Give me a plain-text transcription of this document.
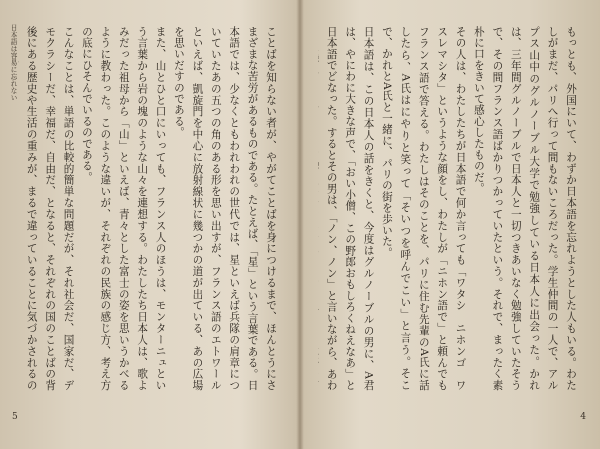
もっとも、外国にいて、わずか日本語を忘れようとした人もいる。わたしがまだ、パリへ行って間もないころだった。学生仲間の一人で、アルプス山中のグルノーブル大学で勉強している日本人に出会った。かれは、三年間グルノーブルで日本人と一切つきあいなく勉強していたそうで、その間フランス語ばかりつかっていたという。それで、まったく素朴に口をきいて感心したものだ。

その人は、わたしたちが日本語で何か言っても「ワタシ　ニホンゴ　ワスレマシタ」というような顔をし、わたしが「ニホン語で」と頼んでもフランス語で答える。わたしはそのことを、パリに住む先輩のA氏に話したら、A氏はにやりと笑って「そいつを呼んでこい」と言う。そこで、かれとA氏と一緒に、パリの街を歩いた。

日本語は、この日本人の話をきくと、今度はグルノーブルの男に、A君は、やにわに大きな声で、「おい小僧、この野郎おもしろくねえなあ」と日本語でどなった。するとその男は、「ノン、ノン」と言いながら、あわ

4
日本語は容易に忘れない	ことばを知らない者が、やがてことばを身につけるまで、ほんとうにさまざまな苦労があるものである。たとえば、「星」という言葉である。日本語では、少なくともわれわれの世代では、星といえば兵隊の肩章についていたあの五つの角のある形を思い出すが、フランス語のエトワールといえば、凱旋門を中心に放射線状に幾つかの道が出ている、あの広場を思いだすのである。

また、山とひと口にいっても、フランス人のほうは、モンターニュという言葉から岩の塊のような山々を連想する。わたしたち日本人は、歌よみだった祖母から「山」といえば、青々とした富士の姿を思いうかべるように教わった。このような違いが、それぞれの民族の感じ方、考え方の底にひそんでいるのである。

こんなことは、単語の比較的簡単な問題だが、それ社会だ、国家だ、デモクラシーだ、幸福だ、自由だ、となると、それぞれの国のことばの背後にある歴史や生活の重みが、まるで違っていることに気づかされるの

5
